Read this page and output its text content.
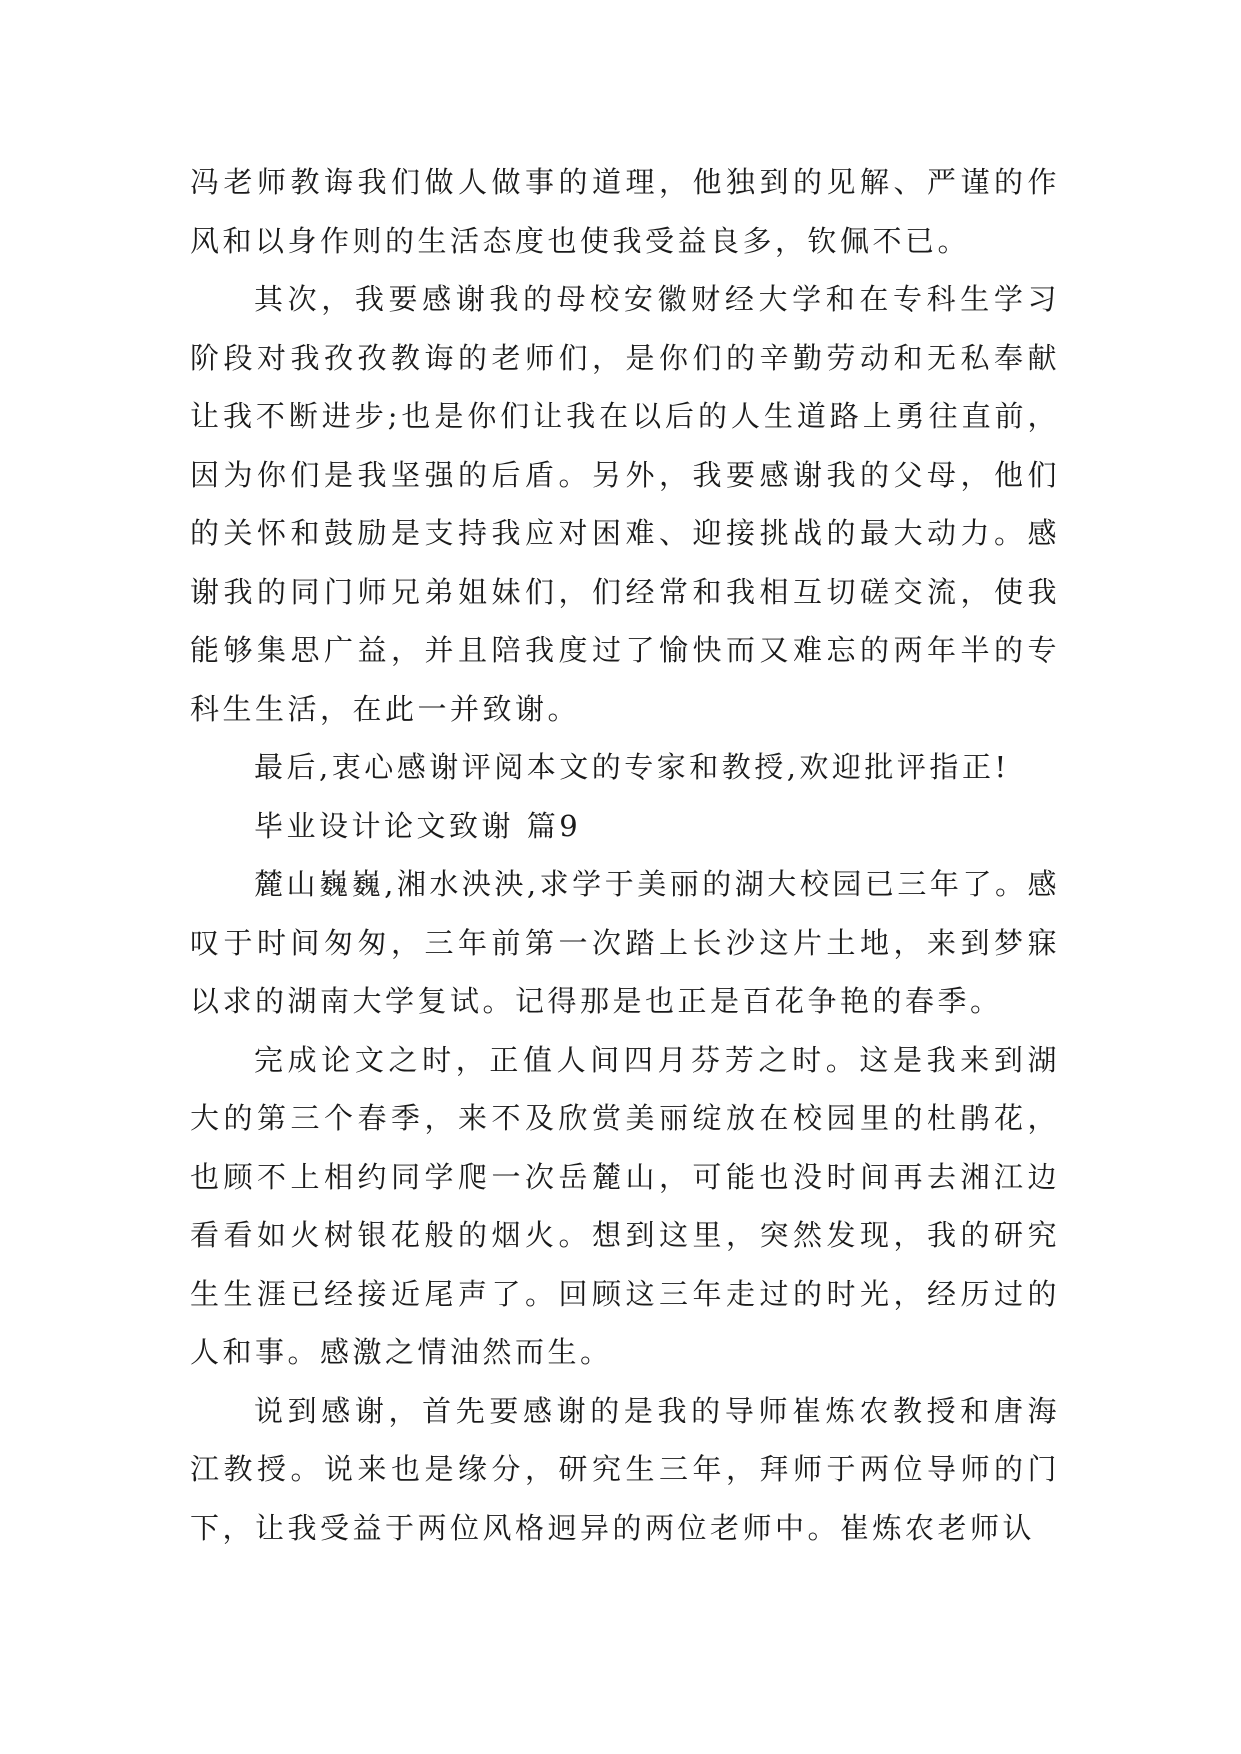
冯老师教诲我们做人做事的道理，他独到的见解、严谨的作风和以身作则的生活态度也使我受益良多，钦佩不已。

其次，我要感谢我的母校安徽财经大学和在专科生学习阶段对我孜孜教诲的老师们，是你们的辛勤劳动和无私奉献让我不断进步;也是你们让我在以后的人生道路上勇往直前，因为你们是我坚强的后盾。另外，我要感谢我的父母，他们的关怀和鼓励是支持我应对困难、迎接挑战的最大动力。感谢我的同门师兄弟姐妹们，们经常和我相互切磋交流，使我能够集思广益，并且陪我度过了愉快而又难忘的两年半的专科生生活，在此一并致谢。

最后,衷心感谢评阅本文的专家和教授,欢迎批评指正!

毕业设计论文致谢 篇9

麓山巍巍,湘水泱泱,求学于美丽的湖大校园已三年了。感叹于时间匆匆，三年前第一次踏上长沙这片土地，来到梦寐以求的湖南大学复试。记得那是也正是百花争艳的春季。

完成论文之时，正值人间四月芬芳之时。这是我来到湖大的第三个春季，来不及欣赏美丽绽放在校园里的杜鹃花，也顾不上相约同学爬一次岳麓山，可能也没时间再去湘江边看看如火树银花般的烟火。想到这里，突然发现，我的研究生生涯已经接近尾声了。回顾这三年走过的时光，经历过的人和事。感激之情油然而生。

说到感谢，首先要感谢的是我的导师崔炼农教授和唐海江教授。说来也是缘分，研究生三年，拜师于两位导师的门下，让我受益于两位风格迥异的两位老师中。崔炼农老师认
